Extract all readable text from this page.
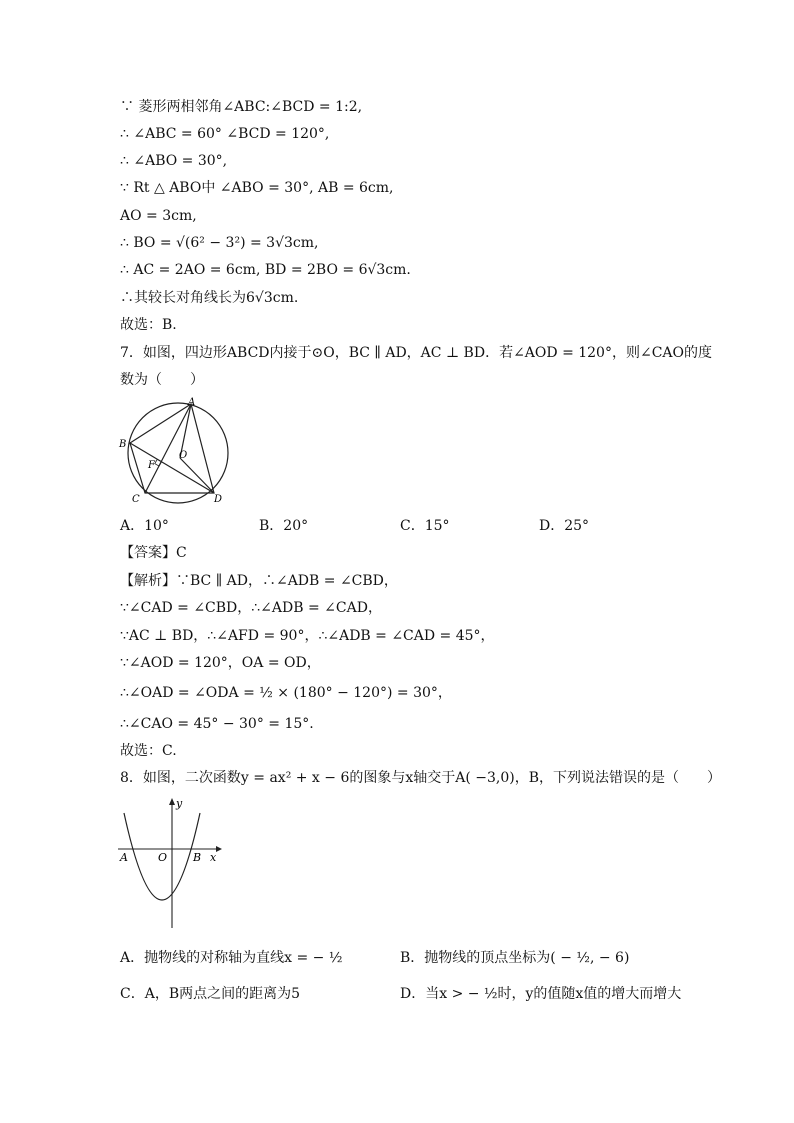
∵ 菱形两相邻角∠ABC:∠BCD = 1:2,
∴ ∠ABC = 60° ∠BCD = 120°,
∴ ∠ABO = 30°,
∵ Rt △ ABO中 ∠ABO = 30°, AB = 6cm,
AO = 3cm,
∴ BO = √(6² − 3²) = 3√3cm,
∴ AC = 2AO = 6cm, BD = 2BO = 6√3cm.
∴其较长对角线长为6√3cm.
故选：B.
7．如图，四边形ABCD内接于⊙O，BC ∥ AD，AC ⊥ BD．若∠AOD = 120°，则∠CAO的度
数为（　　）
A
B
O
F
C	D
A．10°	B．20°	C．15°	D．25°
【答案】C
【解析】∵BC ∥ AD，∴∠ADB = ∠CBD，
∵∠CAD = ∠CBD，∴∠ADB = ∠CAD，
∵AC ⊥ BD，∴∠AFD = 90°，∴∠ADB = ∠CAD = 45°，
∵∠AOD = 120°，OA = OD，
∴∠OAD = ∠ODA = ½ × (180° − 120°) = 30°，
∴∠CAO = 45° − 30° = 15°.
故选：C.
8．如图，二次函数y = ax² + x − 6的图象与x轴交于A( −3,0)，B，下列说法错误的是（　　）
y
x
A	O B
A．抛物线的对称轴为直线x = − ½	B．抛物线的顶点坐标为( − ½, − 6)
C．A，B两点之间的距离为5	D．当x > − ½时，y的值随x值的增大而增大
